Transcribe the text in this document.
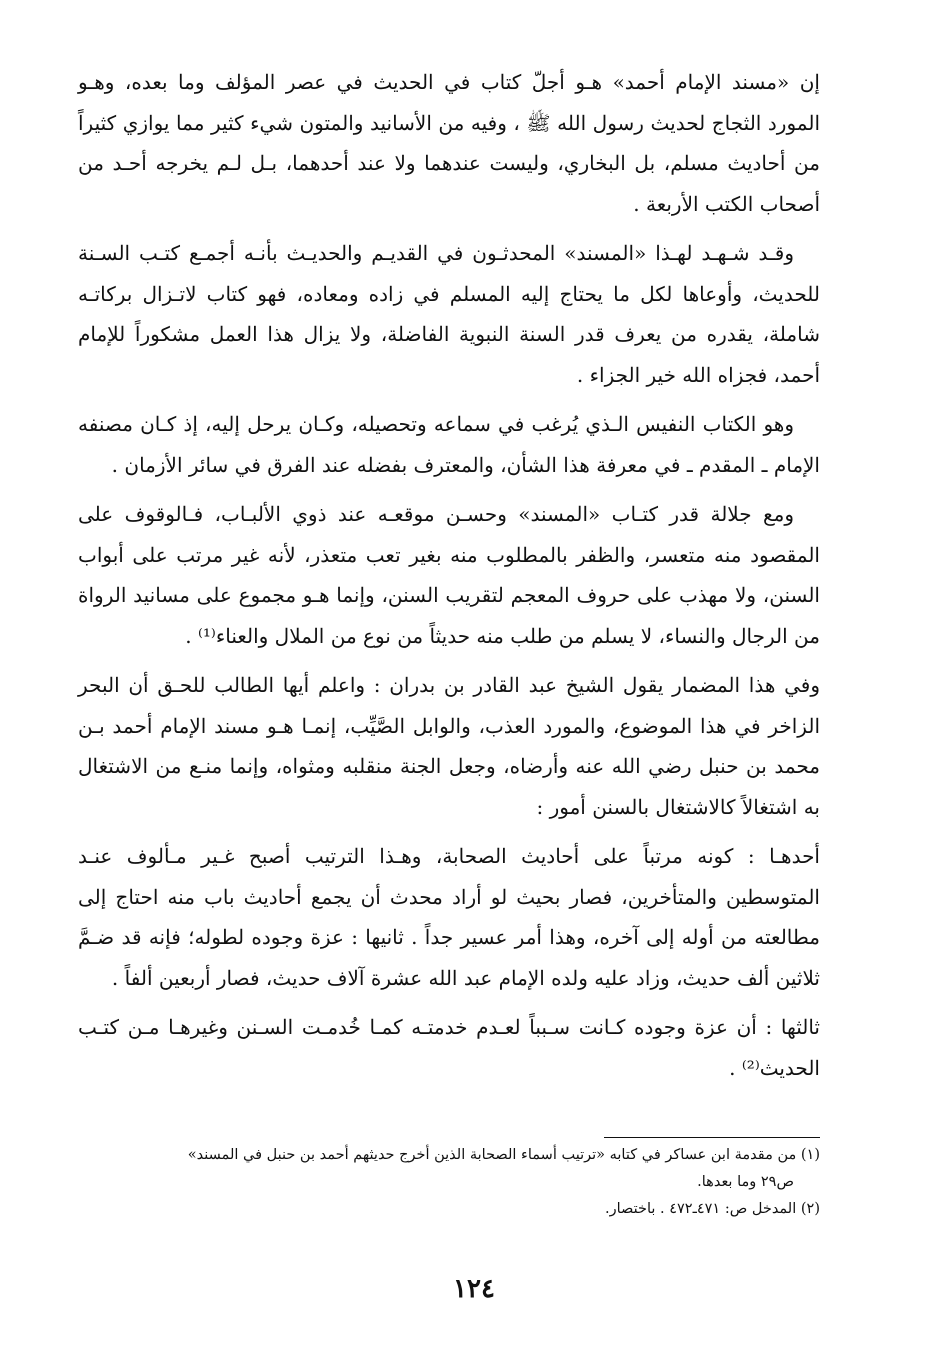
إن «مسند الإمام أحمد» هـو أجلّ كتاب في الحديث في عصر المؤلف وما بعده، وهـو المورد الثجاج لحديث رسول الله ﷺ ، وفيه من الأسانيد والمتون شيء كثير مما يوازي كثيراً من أحاديث مسلم، بل البخاري، وليست عندهما ولا عند أحدهما، بـل لـم يخرجه أحـد من أصحاب الكتب الأربعة .

وقـد شـهـد لهـذا «المسند» المحدثـون في القديـم والحديـث بأنـه أجمـع كتـب السـنة للحديث، وأوعاها لكل ما يحتاج إليه المسلم في زاده ومعاده، فهو كتاب لاتـزال بركاتـه شاملة، يقدره من يعرف قدر السنة النبوية الفاضلة، ولا يزال هذا العمل مشكوراً للإمام أحمد، فجزاه الله خير الجزاء .

وهو الكتاب النفيس الـذي يُرغب في سماعه وتحصيله، وكـان يرحل إليه، إذ كـان مصنفه الإمام ـ المقدم ـ في معرفة هذا الشأن، والمعترف بفضله عند الفرق في سائر الأزمان .

ومع جلالة قدر كتـاب «المسند» وحسـن موقعـه عند ذوي الألبـاب، فـالوقوف على المقصود منه متعسر، والظفر بالمطلوب منه بغير تعب متعذر، لأنه غير مرتب على أبواب السنن، ولا مهذب على حروف المعجم لتقريب السنن، وإنما هـو مجموع على مسانيد الرواة من الرجال والنساء، لا يسلم من طلب منه حديثاً من نوع من الملال والعناء⁽¹⁾ .

وفي هذا المضمار يقول الشيخ عبد القادر بن بدران : واعلم أيها الطالب للحـق أن البحر الزاخر في هذا الموضوع، والمورد العذب، والوابل الصَّيِّب، إنمـا هـو مسند الإمام أحمد بـن محمد بن حنبل رضي الله عنه وأرضاه، وجعل الجنة منقلبه ومثواه، وإنما منـع من الاشتغال به اشتغالاً كالاشتغال بالسنن أمور :

أحدهـا : كونه مرتباً على أحاديث الصحابة، وهـذا الترتيب أصبح غـير مـألوف عنـد المتوسطين والمتأخرين، فصار بحيث لو أراد محدث أن يجمع أحاديث باب منه احتاج إلى مطالعته من أوله إلى آخره، وهذا أمر عسير جداً . ثانيها : عزة وجوده لطوله؛ فإنه قد ضـمَّ ثلاثين ألف حديث، وزاد عليه ولده الإمام عبد الله عشرة آلاف حديث، فصار أربعين ألفاً .

ثالثها : أن عزة وجوده كـانت سـبباً لعـدم خدمتـه كمـا خُدمـت السـنن وغيرهـا مـن كتـب الحديث⁽²⁾ .

(١) من مقدمة ابن عساكر في كتابه «ترتيب أسماء الصحابة الذين أخرج حديثهم أحمد بن حنبل في المسند»

ص٢٩ وما بعدها.

(٢) المدخل ص: ٤٧١ـ٤٧٢ . باختصار.

١٢٤
